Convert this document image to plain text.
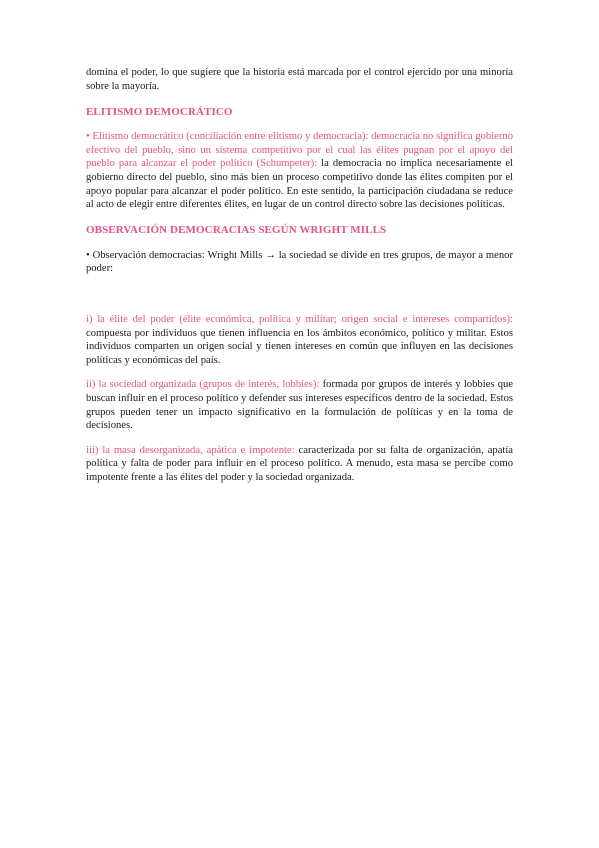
domina el poder, lo que sugiere que la historia está marcada por el control ejercido por una minoría sobre la mayoría.

ELITISMO DEMOCRÁTICO

• Elitismo democrático (conciliación entre elitismo y democracia): democracia no significa gobierno efectivo del pueblo, sino un sistema competitivo por el cual las élites pugnan por el apoyo del pueblo para alcanzar el poder político (Schumpeter): la democracia no implica necesariamente el gobierno directo del pueblo, sino más bien un proceso competitivo donde las élites compiten por el apoyo popular para alcanzar el poder político. En este sentido, la participación ciudadana se reduce al acto de elegir entre diferentes élites, en lugar de un control directo sobre las decisiones políticas.

OBSERVACIÓN DEMOCRACIAS SEGÚN WRIGHT MILLS

• Observación democracias: Wright Mills → la sociedad se divide en tres grupos, de mayor a menor poder:

i) la élite del poder (élite económica, política y militar; origen social e intereses compartidos): compuesta por individuos que tienen influencia en los ámbitos económico, político y militar. Estos individuos comparten un origen social y tienen intereses en común que influyen en las decisiones políticas y económicas del país.

ii) la sociedad organizada (grupos de interés, lobbies): formada por grupos de interés y lobbies que buscan influir en el proceso político y defender sus intereses específicos dentro de la sociedad. Estos grupos pueden tener un impacto significativo en la formulación de políticas y en la toma de decisiones.

iii) la masa desorganizada, apática e impotente: caracterizada por su falta de organización, apatía política y falta de poder para influir en el proceso político. A menudo, esta masa se percibe como impotente frente a las élites del poder y la sociedad organizada.
